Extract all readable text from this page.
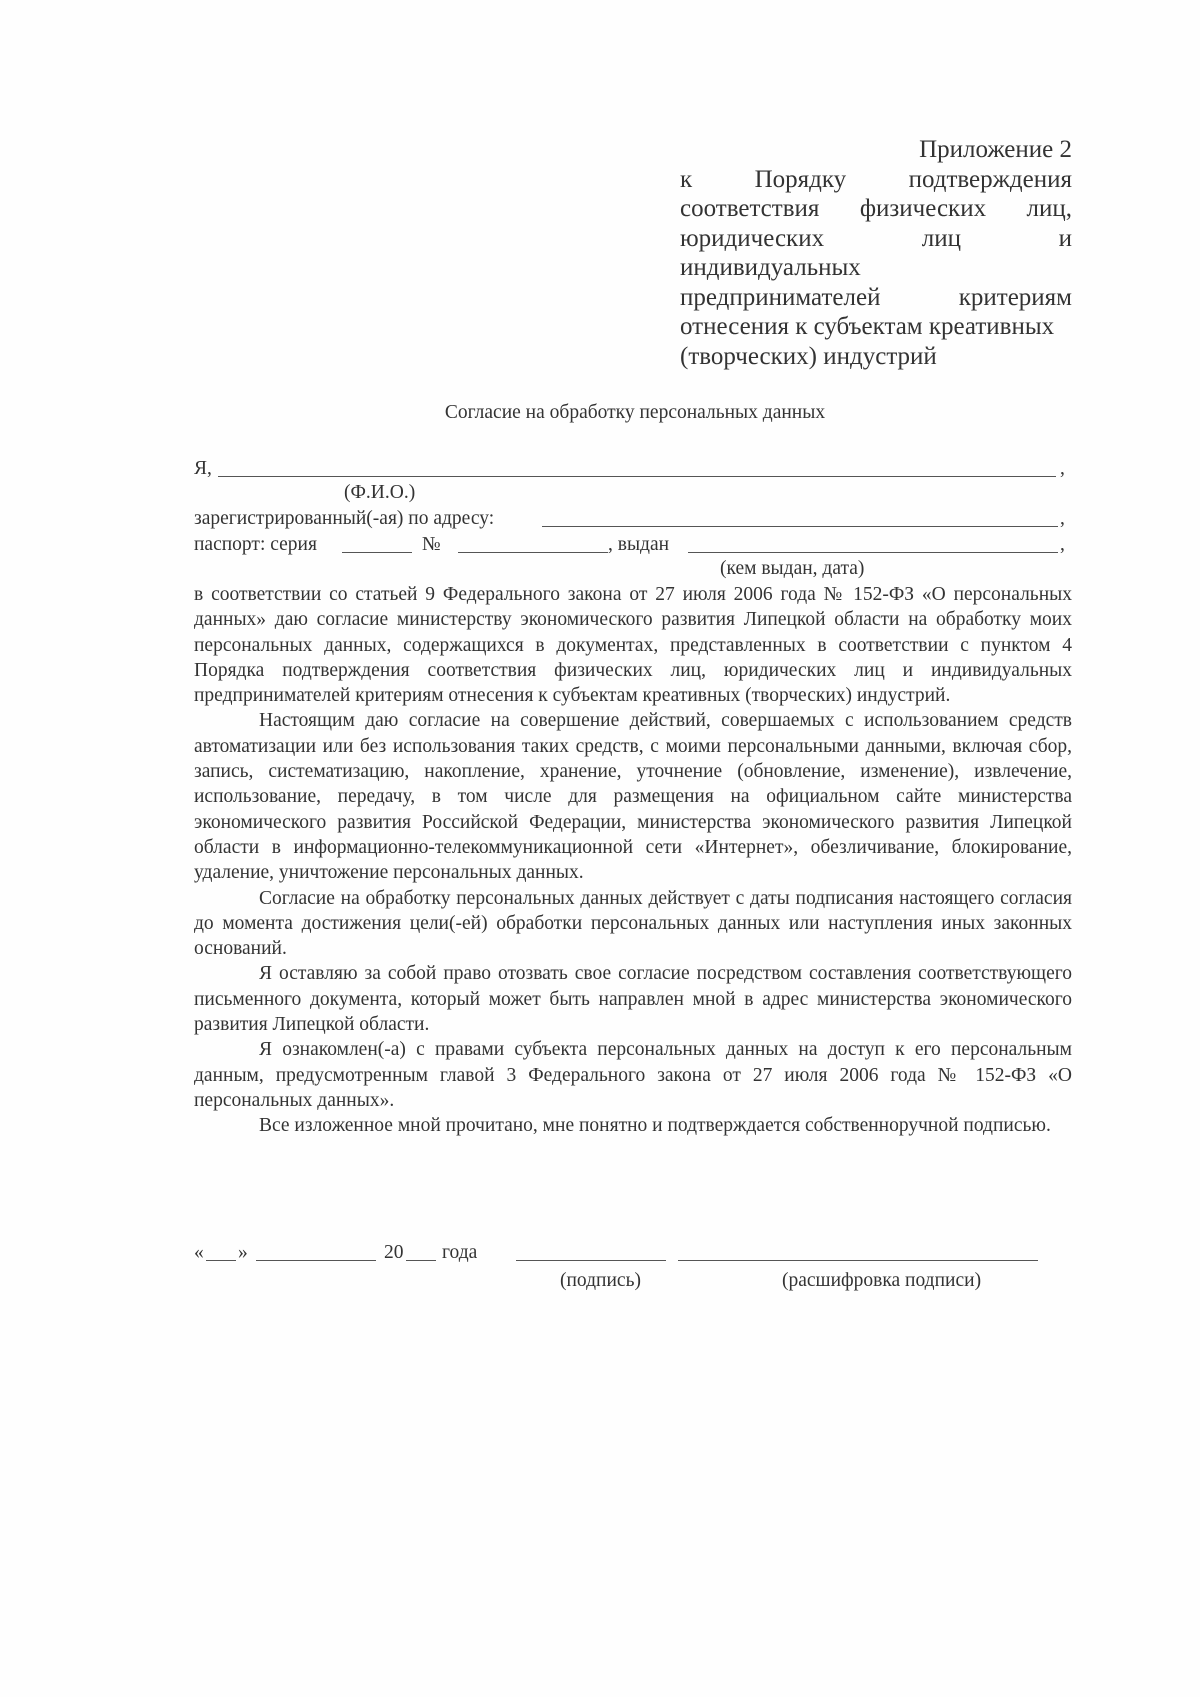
Приложение 2
к Порядку подтверждения
соответствия физических лиц,
юридических	лиц	и
индивидуальных
предпринимателей	критериям
отнесения к субъектам креативных
(творческих) индустрий
Согласие на обработку персональных данных
Я,	,
(Ф.И.О.)
зарегистрированный(-ая) по адресу:	,
паспорт: серия	№	, выдан	,
(кем выдан, дата)

в соответствии со статьей 9 Федерального закона от 27 июля 2006 года № 152-ФЗ «О персональных данных» даю согласие министерству экономического развития Липецкой области на обработку моих персональных данных, содержащихся в документах, представленных в соответствии с пунктом 4 Порядка подтверждения соответствия физических лиц, юридических лиц и индивидуальных предпринимателей критериям отнесения к субъектам креативных (творческих) индустрий.

Настоящим даю согласие на совершение действий, совершаемых с использованием средств автоматизации или без использования таких средств, с моими персональными данными, включая сбор, запись, систематизацию, накопление, хранение, уточнение (обновление, изменение), извлечение, использование, передачу, в том числе для размещения на официальном сайте министерства экономического развития Российской Федерации, министерства экономического развития Липецкой области в информационно-телекоммуникационной сети «Интернет», обезличивание, блокирование, удаление, уничтожение персональных данных.

Согласие на обработку персональных данных действует с даты подписания настоящего согласия до момента достижения цели(-ей) обработки персональных данных или наступления иных законных оснований.

Я оставляю за собой право отозвать свое согласие посредством составления соответствующего письменного документа, который может быть направлен мной в адрес министерства экономического развития Липецкой области.

Я ознакомлен(-а) с правами субъекта персональных данных на доступ к его персональным данным, предусмотренным главой 3 Федерального закона от 27 июля 2006 года № 152-ФЗ «О персональных данных».

Все изложенное мной прочитано, мне понятно и подтверждается собственноручной подписью.

« »	20 года
(подпись)	(расшифровка подписи)
